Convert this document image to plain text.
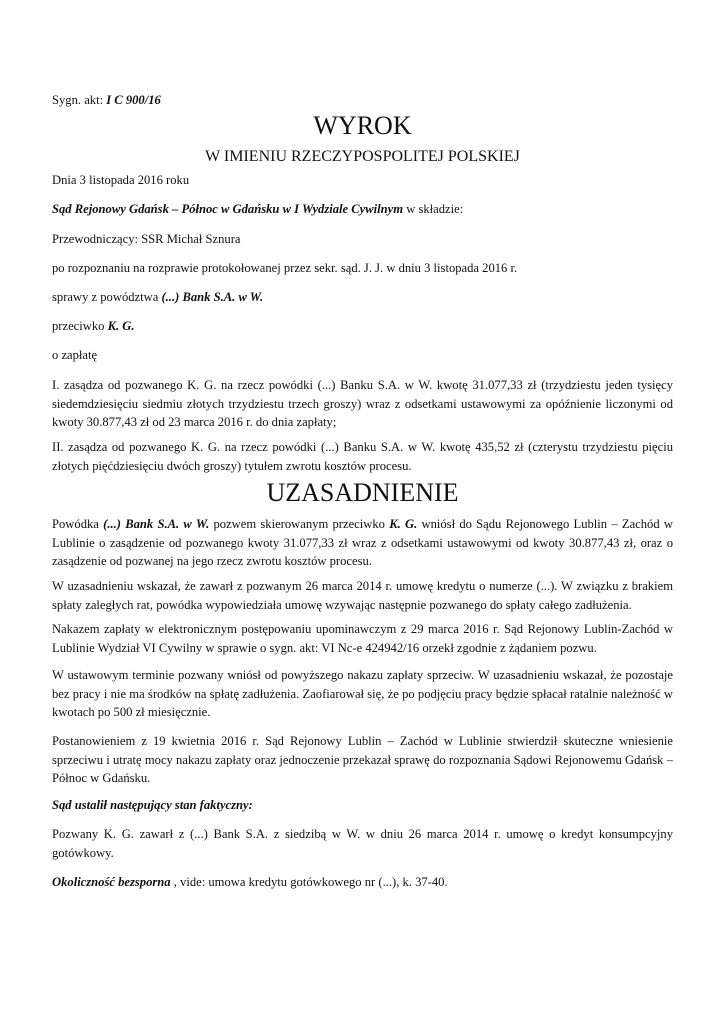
Sygn. akt: I C 900/16

WYROK
W IMIENIU RZECZYPOSPOLITEJ POLSKIEJ

Dnia 3 listopada 2016 roku

Sąd Rejonowy Gdańsk – Północ w Gdańsku w I Wydziale Cywilnym w składzie:

Przewodniczący: SSR Michał Sznura

po rozpoznaniu na rozprawie protokołowanej przez sekr. sąd. J. J. w dniu 3 listopada 2016 r.

sprawy z powództwa (...) Bank S.A. w W.

przeciwko K. G.

o zapłatę

I. zasądza od pozwanego K. G. na rzecz powódki (...) Banku S.A. w W. kwotę 31.077,33 zł (trzydziestu jeden tysięcy siedemdziesięciu siedmiu złotych trzydziestu trzech groszy) wraz z odsetkami ustawowymi za opóźnienie liczonymi od kwoty 30.877,43 zł od 23 marca 2016 r. do dnia zapłaty;

II. zasądza od pozwanego K. G. na rzecz powódki (...) Banku S.A. w W. kwotę 435,52 zł (czterystu trzydziestu pięciu złotych pięćdziesięciu dwóch groszy) tytułem zwrotu kosztów procesu.

UZASADNIENIE

Powódka (...) Bank S.A. w W. pozwem skierowanym przeciwko K. G. wniósł do Sądu Rejonowego Lublin – Zachód w Lublinie o zasądzenie od pozwanego kwoty 31.077,33 zł wraz z odsetkami ustawowymi od kwoty 30.877,43 zł, oraz o zasądzenie od pozwanej na jego rzecz zwrotu kosztów procesu.

W uzasadnieniu wskazał, że zawarł z pozwanym 26 marca 2014 r. umowę kredytu o numerze (...). W związku z brakiem spłaty zaległych rat, powódka wypowiedziała umowę wzywając następnie pozwanego do spłaty całego zadłużenia.

Nakazem zapłaty w elektronicznym postępowaniu upominawczym z 29 marca 2016 r. Sąd Rejonowy Lublin-Zachód w Lublinie Wydział VI Cywilny w sprawie o sygn. akt: VI Nc-e 424942/16 orzekł zgodnie z żądaniem pozwu.

W ustawowym terminie pozwany wniósł od powyższego nakazu zapłaty sprzeciw. W uzasadnieniu wskazał, że pozostaje bez pracy i nie ma środków na spłatę zadłużenia. Zaofiarował się, że po podjęciu pracy będzie spłacał ratalnie należność w kwotach po 500 zł miesięcznie.

Postanowieniem z 19 kwietnia 2016 r. Sąd Rejonowy Lublin – Zachód w Lublinie stwierdził skuteczne wniesienie sprzeciwu i utratę mocy nakazu zapłaty oraz jednoczenie przekazał sprawę do rozpoznania Sądowi Rejonowemu Gdańsk – Północ w Gdańsku.

Sąd ustalił następujący stan faktyczny:

Pozwany K. G. zawarł z (...) Bank S.A. z siedzibą w W. w dniu 26 marca 2014 r. umowę o kredyt konsumpcyjny gotówkowy.

Okoliczność bezsporna , vide: umowa kredytu gotówkowego nr (...), k. 37-40.
